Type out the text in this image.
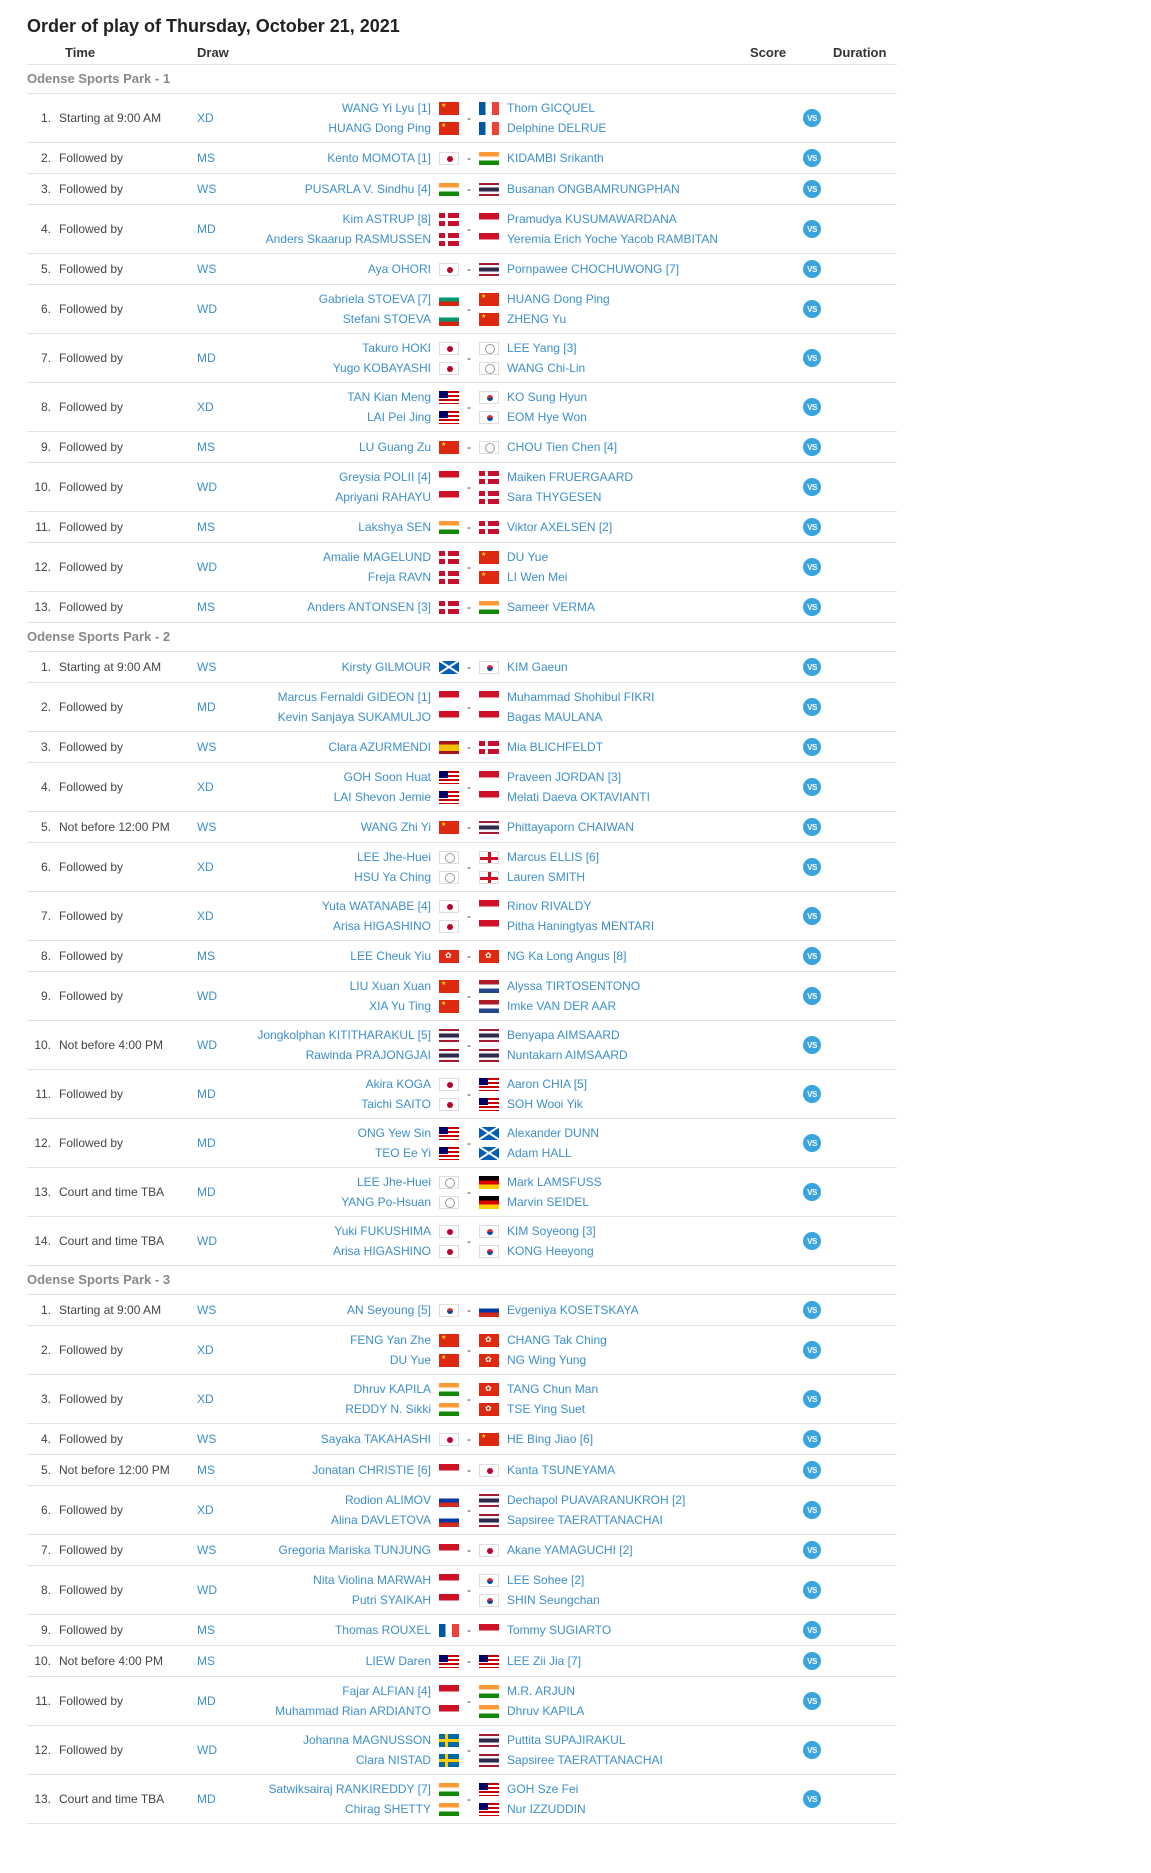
Order of play of Thursday, October 21, 2021
Time	Draw	Score	Duration
Odense Sports Park - 1
1. Starting at 9:00 AM	XD
WANG Yi Lyu [1] ★
HUANG Dong Ping ★
-
Thom GICQUEL
Delphine DELRUE
VS
2. Followed by	MS	Kento MOMOTA [1]	-	KIDAMBI Srikanth	VS
3. Followed by	WS	PUSARLA V. Sindhu [4]	-	Busanan ONGBAMRUNGPHAN	VS
4. Followed by	MD
Kim ASTRUP [8]
Anders Skaarup RASMUSSEN
-
Pramudya KUSUMAWARDANA
Yeremia Erich Yoche Yacob RAMBITAN
VS
5. Followed by	WS	Aya OHORI	-	Pornpawee CHOCHUWONG [7]	VS
6. Followed by	WD
Gabriela STOEVA [7]
Stefani STOEVA
-
★ HUANG Dong Ping
★ ZHENG Yu
VS
7. Followed by	MD
Takuro HOKI
Yugo KOBAYASHI
-
LEE Yang [3]
WANG Chi-Lin
VS
8. Followed by	XD
TAN Kian Meng
LAI Pei Jing
-
KO Sung Hyun
EOM Hye Won
VS
9. Followed by	MS	LU Guang Zu ★	-	CHOU Tien Chen [4]	VS
10. Followed by	WD
Greysia POLII [4]
Apriyani RAHAYU
-
Maiken FRUERGAARD
Sara THYGESEN
VS
11. Followed by	MS	Lakshya SEN	-	Viktor AXELSEN [2]	VS
12. Followed by	WD
Amalie MAGELUND
Freja RAVN
-
★ DU Yue
★ LI Wen Mei
VS
13. Followed by	MS	Anders ANTONSEN [3]	-	Sameer VERMA	VS
Odense Sports Park - 2
1. Starting at 9:00 AM	WS	Kirsty GILMOUR	-	KIM Gaeun	VS
2. Followed by	MD
Marcus Fernaldi GIDEON [1]
Kevin Sanjaya SUKAMULJO
-
Muhammad Shohibul FIKRI
Bagas MAULANA
VS
3. Followed by	WS	Clara AZURMENDI	-	Mia BLICHFELDT	VS
4. Followed by	XD
GOH Soon Huat
LAI Shevon Jemie
-
Praveen JORDAN [3]
Melati Daeva OKTAVIANTI
VS
5. Not before 12:00 PM	WS	WANG Zhi Yi ★	-	Phittayaporn CHAIWAN	VS
6. Followed by	XD
LEE Jhe-Huei
HSU Ya Ching
-
Marcus ELLIS [6]
Lauren SMITH
VS
7. Followed by	XD
Yuta WATANABE [4]
Arisa HIGASHINO
-
Rinov RIVALDY
Pitha Haningtyas MENTARI
VS
8. Followed by	MS	LEE Cheuk Yiu ✿	-	✿ NG Ka Long Angus [8]	VS
9. Followed by	WD
LIU Xuan Xuan ★
XIA Yu Ting ★
-
Alyssa TIRTOSENTONO
Imke VAN DER AAR
VS
10. Not before 4:00 PM	WD
Jongkolphan KITITHARAKUL [5]
Rawinda PRAJONGJAI
-
Benyapa AIMSAARD
Nuntakarn AIMSAARD
VS
11. Followed by	MD
Akira KOGA
Taichi SAITO
-
Aaron CHIA [5]
SOH Wooi Yik
VS
12. Followed by	MD
ONG Yew Sin
TEO Ee Yi
-
Alexander DUNN
Adam HALL
VS
13. Court and time TBA	MD
LEE Jhe-Huei
YANG Po-Hsuan
-
Mark LAMSFUSS
Marvin SEIDEL
VS
14. Court and time TBA	WD
Yuki FUKUSHIMA
Arisa HIGASHINO
-
KIM Soyeong [3]
KONG Heeyong
VS
Odense Sports Park - 3
1. Starting at 9:00 AM	WS	AN Seyoung [5]	-	Evgeniya KOSETSKAYA	VS
2. Followed by	XD
FENG Yan Zhe ★
DU Yue ★
-
✿ CHANG Tak Ching
✿ NG Wing Yung
VS
3. Followed by	XD
Dhruv KAPILA
REDDY N. Sikki
-
✿ TANG Chun Man
✿ TSE Ying Suet
VS
4. Followed by	WS	Sayaka TAKAHASHI	-	★ HE Bing Jiao [6]	VS
5. Not before 12:00 PM	MS	Jonatan CHRISTIE [6]	-	Kanta TSUNEYAMA	VS
6. Followed by	XD
Rodion ALIMOV
Alina DAVLETOVA
-
Dechapol PUAVARANUKROH [2]
Sapsiree TAERATTANACHAI
VS
7. Followed by	WS	Gregoria Mariska TUNJUNG	-	Akane YAMAGUCHI [2]	VS
8. Followed by	WD
Nita Violina MARWAH
Putri SYAIKAH
-
LEE Sohee [2]
SHIN Seungchan
VS
9. Followed by	MS	Thomas ROUXEL	-	Tommy SUGIARTO	VS
10. Not before 4:00 PM	MS	LIEW Daren	-	LEE Zii Jia [7]	VS
11. Followed by	MD
Fajar ALFIAN [4]
Muhammad Rian ARDIANTO
-
M.R. ARJUN
Dhruv KAPILA
VS
12. Followed by	WD
Johanna MAGNUSSON
Clara NISTAD
-
Puttita SUPAJIRAKUL
Sapsiree TAERATTANACHAI
VS
13. Court and time TBA	MD
Satwiksairaj RANKIREDDY [7]
Chirag SHETTY
-
GOH Sze Fei
Nur IZZUDDIN
VS
